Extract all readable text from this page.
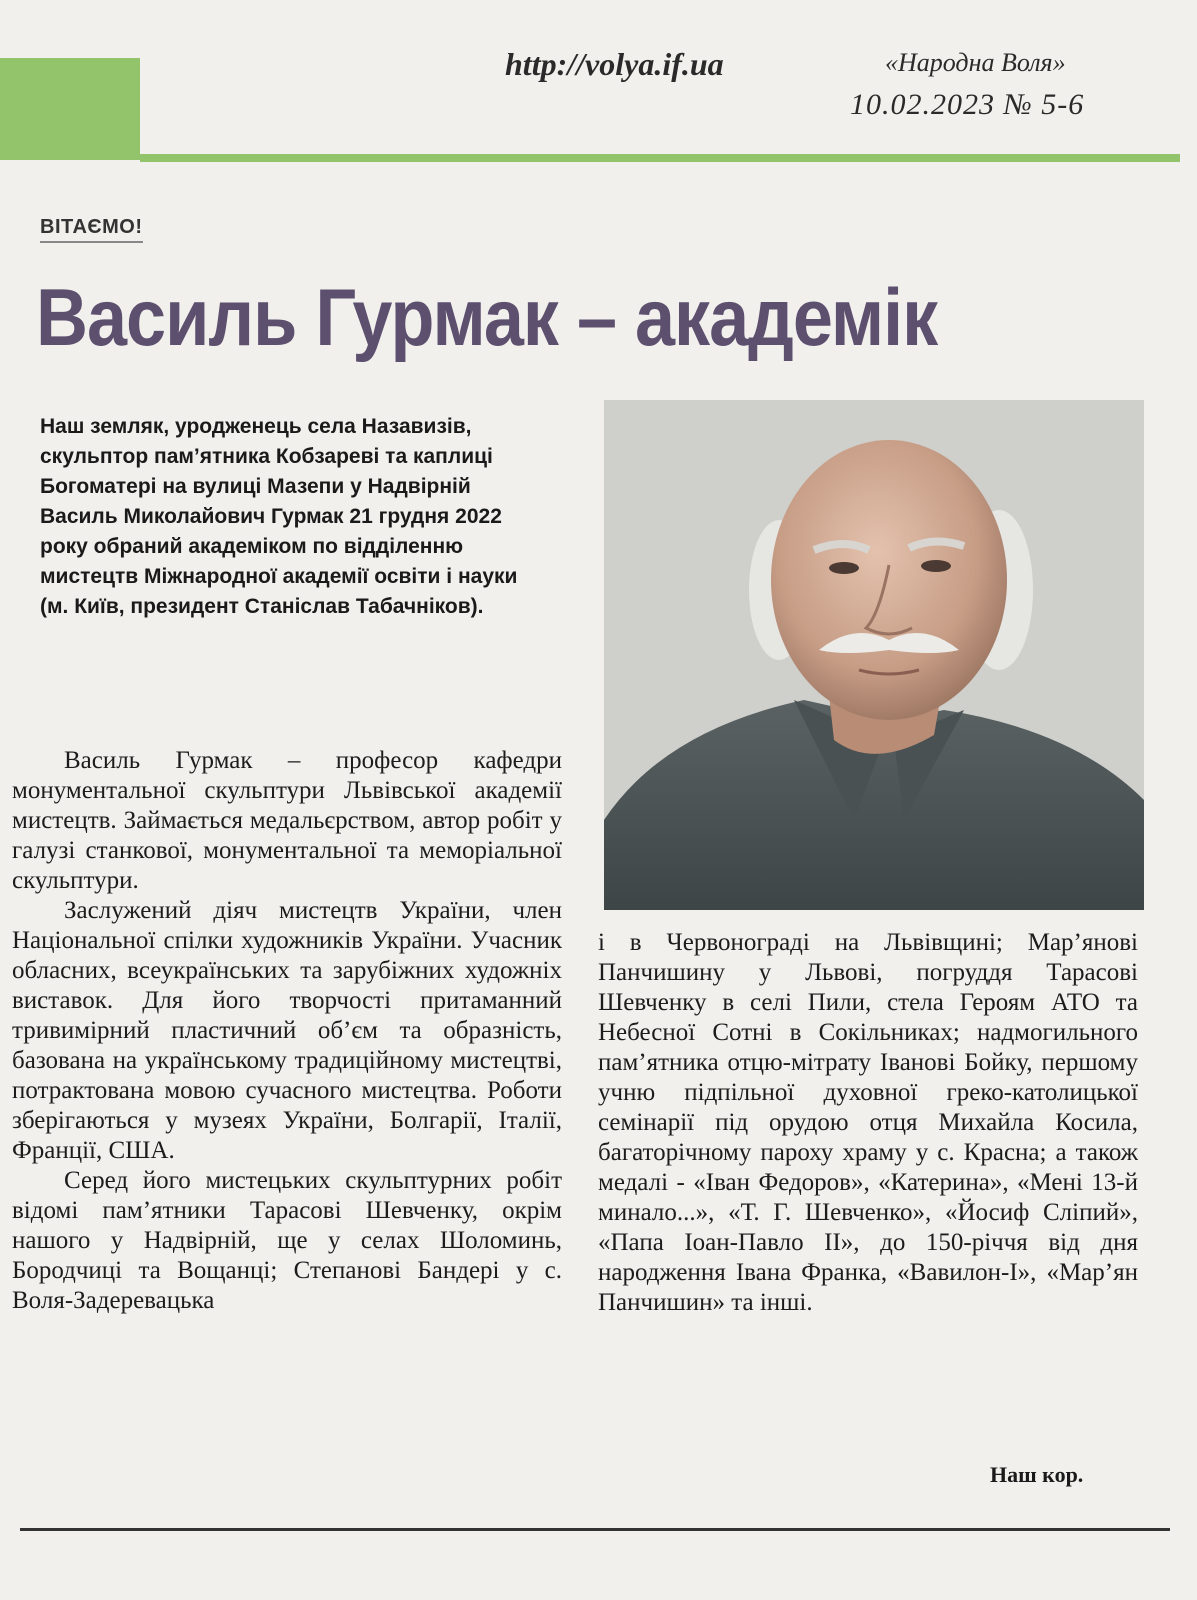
http://volya.if.ua	«Народна Воля»
10.02.2023 № 5-6
ВІТАЄМО!
Василь Гурмак – академік
Наш земляк, уродженець села Назавизів, скульптор пам’ятника Кобзареві та каплиці Богоматері на вулиці Мазепи у Надвірній Василь Миколайович Гурмак 21 грудня 2022 року обраний академіком по відділенню мистецтв Міжнародної академії освіти і науки (м. Київ, президент Станіслав Табачніков).

Василь Гурмак – професор кафедри монументальної скульптури Львівської академії мистецтв. Займається медальєрством, автор робіт у галузі станкової, монументальної та меморіальної скульптури.

Заслужений діяч мистецтв України, член Національної спілки художників України. Учасник обласних, всеукраїнських та зарубіжних художніх виставок. Для його творчості притаманний тривимірний пластичний об’єм та образність, базована на українському традиційному мистецтві, потрактована мовою сучасного мистецтва. Роботи зберігаються у музеях України, Болгарії, Італії, Франції, США.

Серед його мистецьких скульптурних робіт відомі пам’ятники Тарасові Шевченку, окрім нашого у Надвірній, ще у селах Шоломинь, Бородчиці та Вощанці; Степанові Бандері у с. Воля-Задеревацька

і в Червонограді на Львівщині; Мар’янові Панчишину у Львові, погруддя Тарасові Шевченку в селі Пили, стела Героям АТО та Небесної Сотні в Сокільниках; надмогильного пам’ятника отцю-мітрату Іванові Бойку, першому учню підпільної духовної греко-католицької семінарії під орудою отця Михайла Косила, багаторічному пароху храму у с. Красна; а також медалі - «Іван Федоров», «Катерина», «Мені 13-й минало...», «Т. Г. Шевченко», «Йосиф Сліпий», «Папа Іоан-Павло II», до 150-річчя від дня народження Івана Франка, «Вавилон-І», «Мар’ян Панчишин» та інші.

Наш кор.
